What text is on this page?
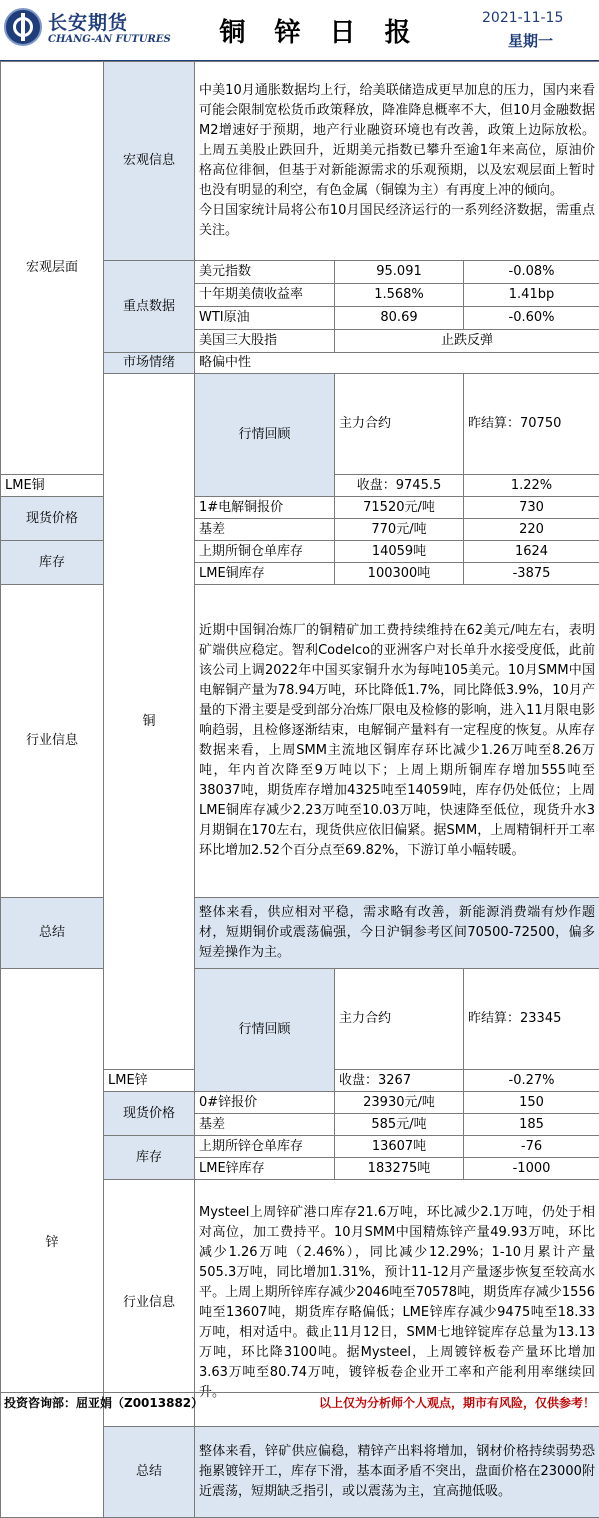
长安期货
CHANG-AN FUTURES	铜 锌 日 报	2021-11-15
星期一
宏观层面	宏观信息	中美10月通胀数据均上行，给美联储造成更早加息的压力，国内来看可能会限制宽松货币政策释放，降准降息概率不大，但10月金融数据M2增速好于预期，地产行业融资环境也有改善，政策上边际放松。上周五美股止跌回升，近期美元指数已攀升至逾1年来高位，原油价格高位徘徊，但基于对新能源需求的乐观预期，以及宏观层面上暂时也没有明显的利空，有色金属（铜镍为主）有再度上冲的倾向。
今日国家统计局将公布10月国民经济运行的一系列经济数据，需重点关注。			
	重点数据	美元指数	95.091	-0.08%	
		十年期美债收益率	1.568%	1.41bp	
		WTI原油	80.69	-0.60%	
		美国三大股指	止跌反弹		
	市场情绪	略偏中性			
	铜	行情回顾	主力合约	昨结算：70750	
LME铜			收盘：9745.5	1.22%	
现货价格		1#电解铜报价	71520元/吨	730	
		基差	770元/吨	220	
库存		上期所铜仓单库存	14059吨	1624	
		LME铜库存	100300吨	-3875	
行业信息		近期中国铜冶炼厂的铜精矿加工费持续维持在62美元/吨左右，表明矿端供应稳定。智利Codelco的亚洲客户对长单升水接受度低，此前该公司上调2022年中国买家铜升水为每吨105美元。10月SMM中国电解铜产量为78.94万吨，环比降低1.7%，同比降低3.9%，10月产量的下滑主要是受到部分冶炼厂限电及检修的影响，进入11月限电影响趋弱，且检修逐渐结束，电解铜产量料有一定程度的恢复。从库存数据来看，上周SMM主流地区铜库存环比减少1.26万吨至8.26万吨，年内首次降至9万吨以下；上周上期所铜库存增加555吨至38037吨，期货库存增加4325吨至14059吨，库存仍处低位；上周LME铜库存减少2.23万吨至10.03万吨，快速降至低位，现货升水3月期铜在170左右，现货供应依旧偏紧。据SMM，上周精铜杆开工率环比增加2.52个百分点至69.82%，下游订单小幅转暖。			
总结		整体来看，供应相对平稳，需求略有改善，新能源消费端有炒作题材，短期铜价或震荡偏强，今日沪铜参考区间70500-72500，偏多短差操作为主。			
锌		行情回顾	主力合约	昨结算：23345	
	LME锌		收盘：3267	-0.27%	
	现货价格	0#锌报价	23930元/吨	150	
		基差	585元/吨	185	
	库存	上期所锌仓单库存	13607吨	-76	
		LME锌库存	183275吨	-1000	
	行业信息	Mysteel上周锌矿港口库存21.6万吨，环比减少2.1万吨，仍处于相对高位，加工费持平。10月SMM中国精炼锌产量49.93万吨，环比减少1.26万吨（2.46%），同比减少12.29%；1-10月累计产量505.3万吨，同比增加1.31%，预计11-12月产量逐步恢复至较高水平。上周上期所锌库存减少2046吨至70578吨，期货库存减少1556吨至13607吨，期货库存略偏低；LME锌库存减少9475吨至18.33万吨，相对适中。截止11月12日，SMM七地锌锭库存总量为13.13万吨，环比降3100吨。据Mysteel，上周镀锌板卷产量环比增加3.63万吨至80.74万吨，镀锌板卷企业开工率和产能利用率继续回升。			
	总结	整体来看，锌矿供应偏稳，精锌产出料将增加，钢材价格持续弱势恐拖累镀锌开工，库存下滑，基本面矛盾不突出，盘面价格在23000附近震荡，短期缺乏指引，或以震荡为主，宜高抛低吸。			
投资咨询部：屈亚娟（Z0013882）	以上仅为分析师个人观点，期市有风险，仅供参考！
